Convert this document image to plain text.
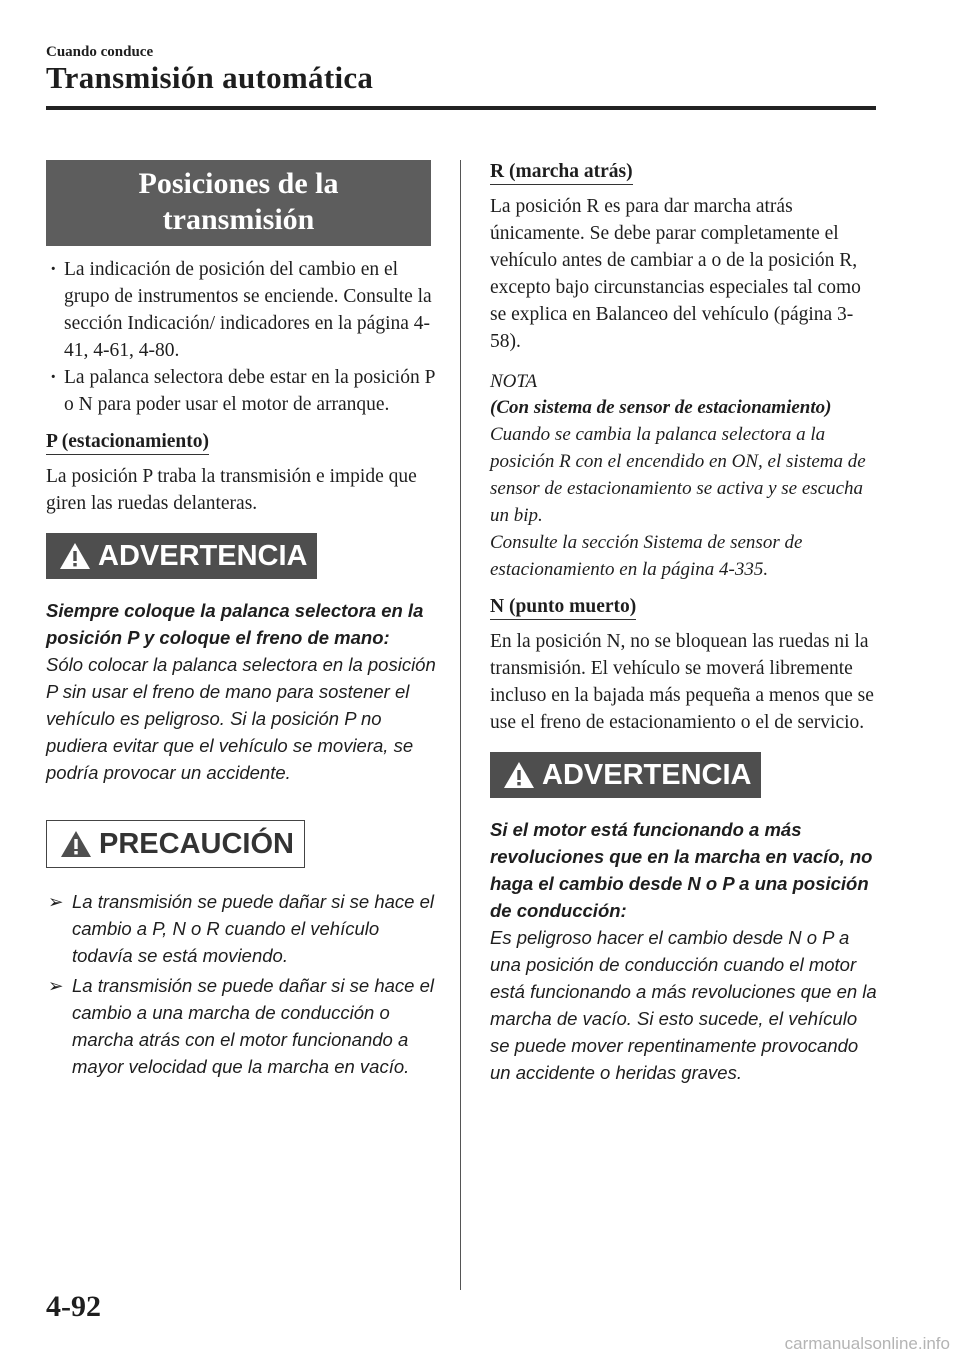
Cuando conduce
Transmisión automática
Posiciones de la
transmisión
· La indicación de posición del cambio en el grupo de instrumentos se enciende. Consulte la sección Indicación/ indicadores en la página 4-41, 4-61, 4-80.
· La palanca selectora debe estar en la posición P o N para poder usar el motor de arranque.
P (estacionamiento)

La posición P traba la transmisión e impide que giren las ruedas delanteras.

ADVERTENCIA
Siempre coloque la palanca selectora en la posición P y coloque el freno de mano:
Sólo colocar la palanca selectora en la posición P sin usar el freno de mano para sostener el vehículo es peligroso. Si la posición P no pudiera evitar que el vehículo se moviera, se podría provocar un accidente.
PRECAUCIÓN
➢ La transmisión se puede dañar si se hace el cambio a P, N o R cuando el vehículo todavía se está moviendo.
➢ La transmisión se puede dañar si se hace el cambio a una marcha de conducción o marcha atrás con el motor funcionando a mayor velocidad que la marcha en vacío.
R (marcha atrás)

La posición R es para dar marcha atrás únicamente. Se debe parar completamente el vehículo antes de cambiar a o de la posición R, excepto bajo circunstancias especiales tal como se explica en Balanceo del vehículo (página 3-58).

NOTA
(Con sistema de sensor de estacionamiento)
Cuando se cambia la palanca selectora a la posición R con el encendido en ON, el sistema de sensor de estacionamiento se activa y se escucha un bip.
Consulte la sección Sistema de sensor de estacionamiento en la página 4-335.
N (punto muerto)

En la posición N, no se bloquean las ruedas ni la transmisión. El vehículo se moverá libremente incluso en la bajada más pequeña a menos que se use el freno de estacionamiento o el de servicio.

ADVERTENCIA
Si el motor está funcionando a más revoluciones que en la marcha en vacío, no haga el cambio desde N o P a una posición de conducción:
Es peligroso hacer el cambio desde N o P a una posición de conducción cuando el motor está funcionando a más revoluciones que en la marcha de vacío. Si esto sucede, el vehículo se puede mover repentinamente provocando un accidente o heridas graves.
4-92
carmanualsonline.info
